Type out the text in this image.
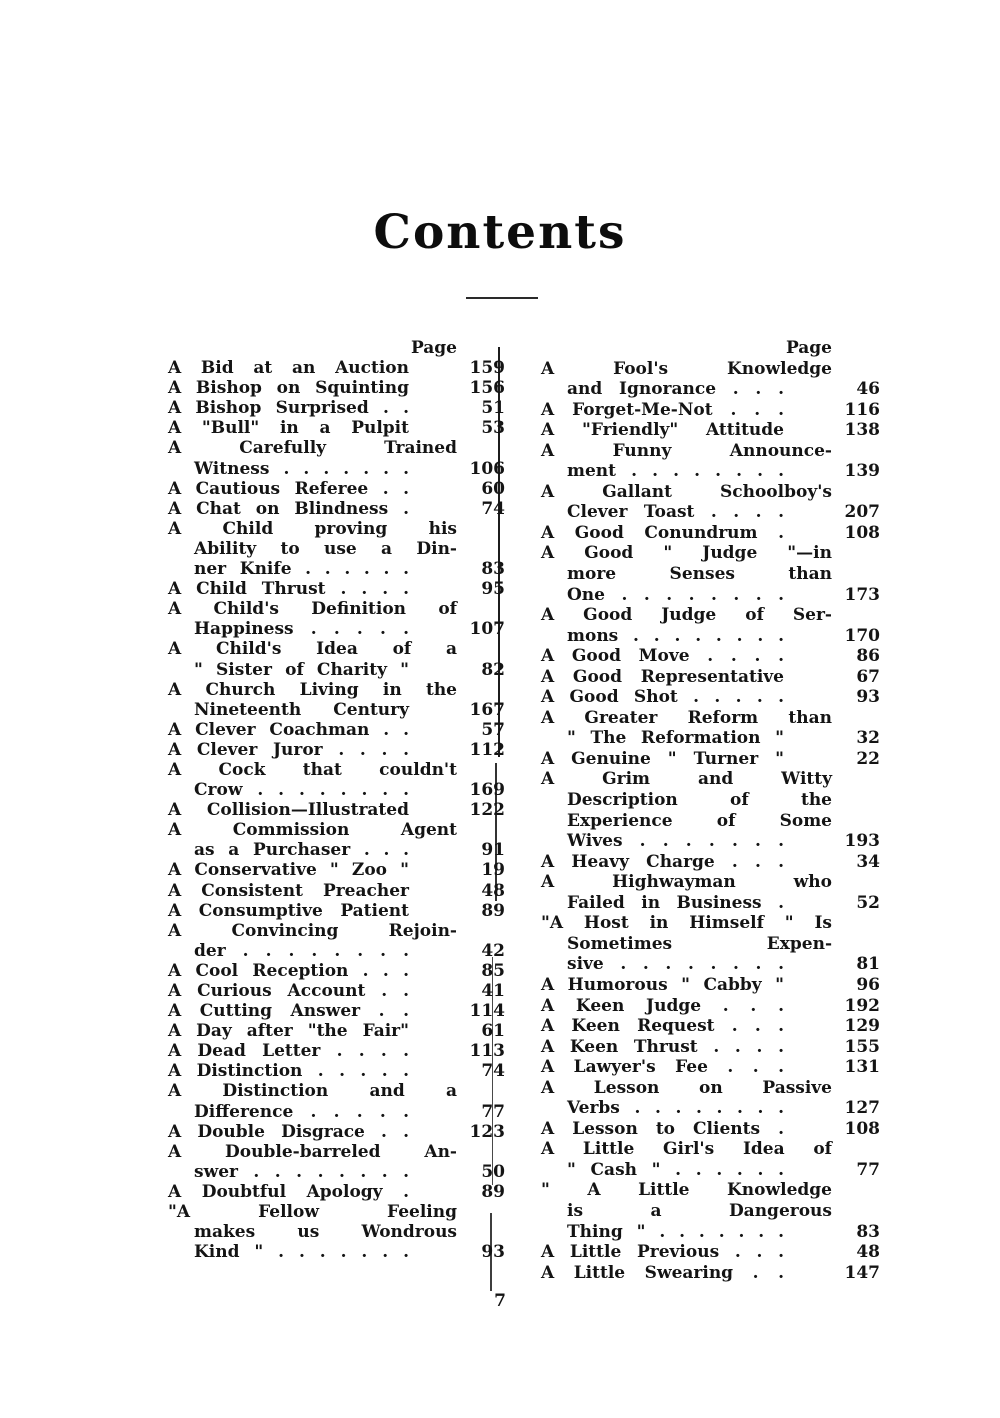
Contents
Page
A Bid at an Auction	159
A Bishop on Squinting	156
A Bishop Surprised . .	51
A "Bull" in a Pulpit	53
A Carefully Trained
Witness . . . . . . .	106
A Cautious Referee . .	60
A Chat on Blindness .	74
A Child proving his
Ability to use a Din-
ner Knife . . . . . .	83
A Child Thrust . . . .	95
A Child's Definition of
Happiness . . . . .	107
A Child's Idea of a
" Sister of Charity "	82
A Church Living in the
Nineteenth Century	167
A Clever Coachman . .	57
A Clever Juror . . . .	112
A Cock that couldn't
Crow . . . . . . . .	169
A Collision—Illustrated	122
A Commission Agent
as a Purchaser . . .	91
A Conservative " Zoo "	19
A Consistent Preacher	48
A Consumptive Patient	89
A Convincing Rejoin-
der . . . . . . . .	42
A Cool Reception . . .	85
A Curious Account . .	41
A Cutting Answer . .	114
A Day after "the Fair"	61
A Dead Letter . . . .	113
A Distinction . . . . .	74
A Distinction and a
Difference . . . . .	77
A Double Disgrace . .	123
A Double-barreled An-
swer . . . . . . . .	50
A Doubtful Apology .	89
"A Fellow Feeling
makes us Wondrous
Kind " . . . . . . .	93
Page
A Fool's Knowledge
and Ignorance . . .	46
A Forget-Me-Not . . .	116
A "Friendly" Attitude	138
A Funny Announce-
ment . . . . . . . .	139
A Gallant Schoolboy's
Clever Toast . . . .	207
A Good Conundrum .	108
A Good " Judge "—in
more Senses than
One . . . . . . . .	173
A Good Judge of Ser-
mons . . . . . . . .	170
A Good Move . . . .	86
A Good Representative	67
A Good Shot . . . . .	93
A Greater Reform than
" The Reformation "	32
A Genuine " Turner "	22
A Grim and Witty
Description of the
Experience of Some
Wives . . . . . . .	193
A Heavy Charge . . .	34
A Highwayman who
Failed in Business .	52
"A Host in Himself " Is
Sometimes Expen-
sive . . . . . . . .	81
A Humorous " Cabby "	96
A Keen Judge . . .	192
A Keen Request . . .	129
A Keen Thrust . . . .	155
A Lawyer's Fee . . .	131
A Lesson on Passive
Verbs . . . . . . . .	127
A Lesson to Clients .	108
A Little Girl's Idea of
" Cash " . . . . . .	77
" A Little Knowledge
is a Dangerous
Thing " . . . . . . .	83
A Little Previous . . .	48
A Little Swearing . .	147
7
